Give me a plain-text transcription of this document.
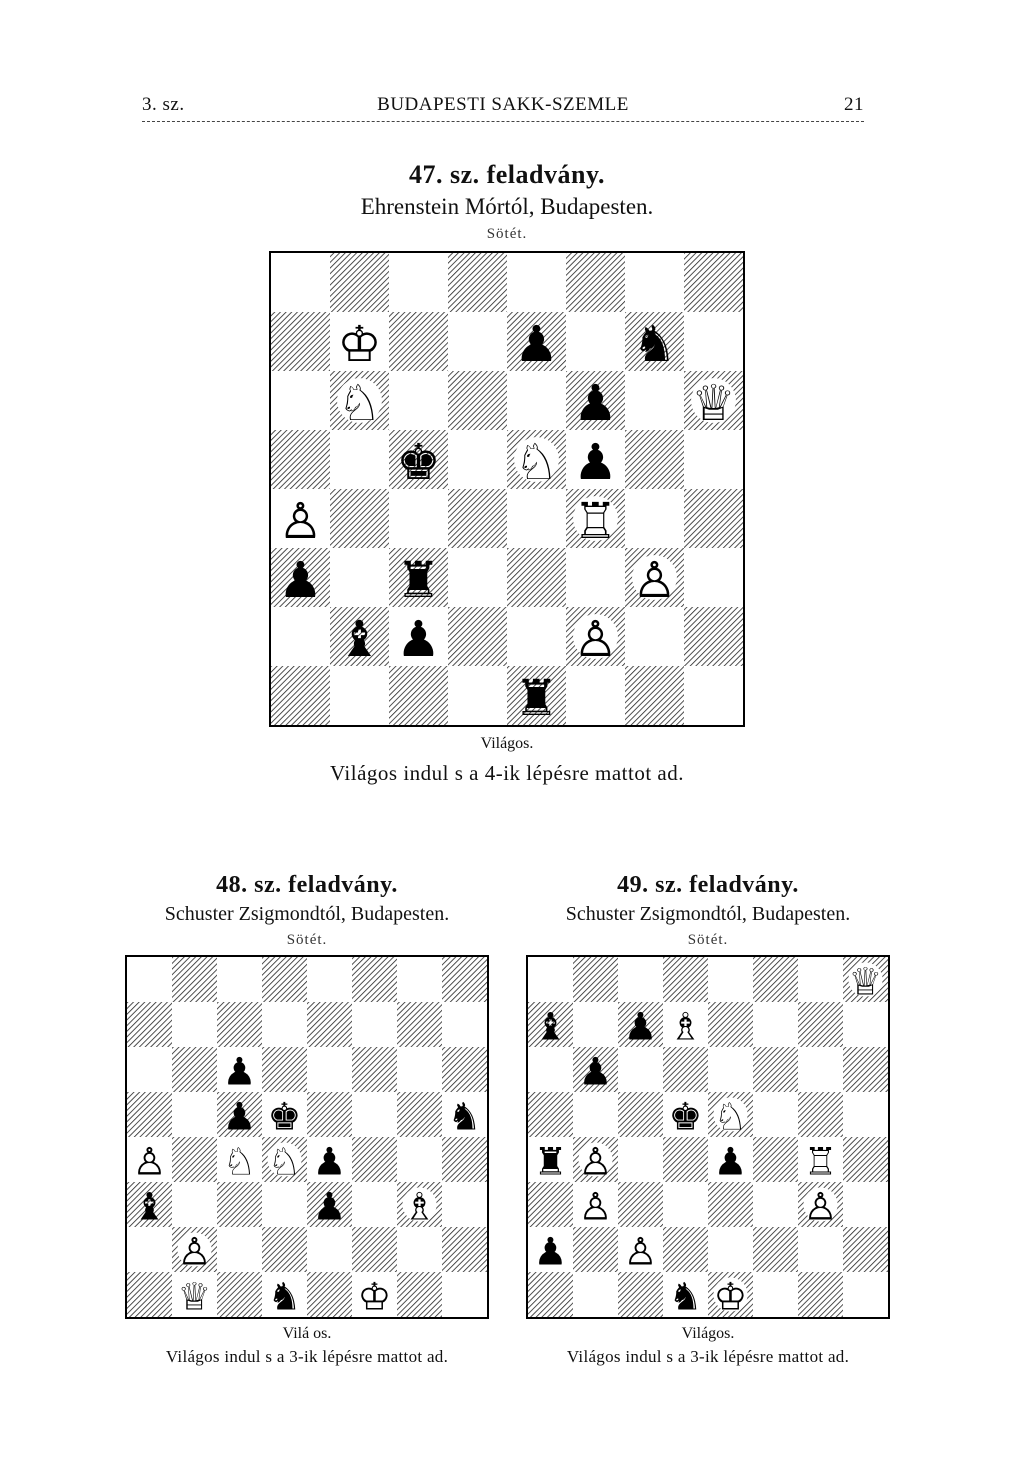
3. sz.	BUDAPESTI SAKK-SZEMLE	21
47. sz. feladvány.
Ehrenstein Mórtól, Budapesten.
Sötét.
♔	♟ ♞
♘	♟ ♕
♚ ♘ ♟
♙	♖
♟ ♜	♙
♝ ♟	♙
♜
Világos.
Világos indul s a 4-ik lépésre mattot ad.
48. sz. feladvány.
Schuster Zsigmondtól, Budapesten.
Sötét.
♟
♟ ♚	♞
♙ ♘ ♘ ♟
♝	♟ ♗
♙
♕ ♞ ♔
Vilá os.
Világos indul s a 3-ik lépésre mattot ad.
49. sz. feladvány.
Schuster Zsigmondtól, Budapesten.
Sötét.
♕
♝ ♟ ♗
♟
♚ ♘
♜ ♙	♟ ♖
♙	♙
♟ ♙
♞ ♔
Világos.
Világos indul s a 3-ik lépésre mattot ad.
